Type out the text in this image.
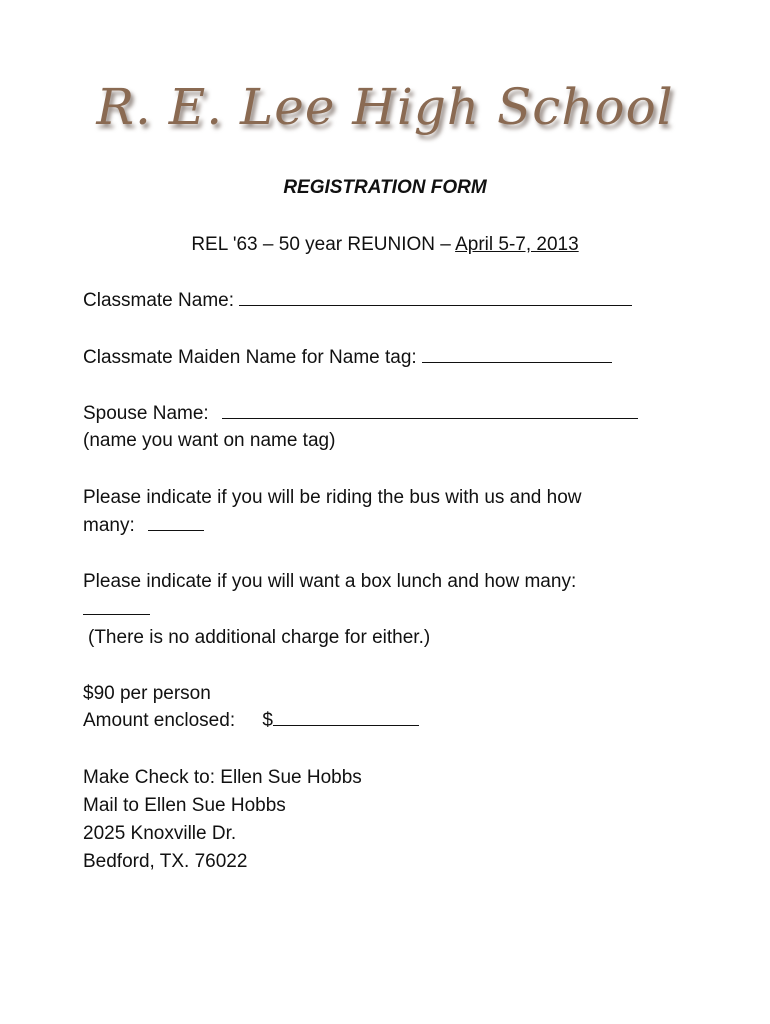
R. E. Lee High School
REGISTRATION FORM
REL '63 – 50 year REUNION – April 5-7, 2013
Classmate Name:
Classmate Maiden Name for Name tag:
Spouse Name:
(name you want on name tag)
Please indicate if you will be riding the bus with us and how
many:
Please indicate if you will want a box lunch and how many:
(There is no additional charge for either.)
$90 per person
Amount enclosed: $
Make Check to: Ellen Sue Hobbs
Mail to Ellen Sue Hobbs
2025 Knoxville Dr.
Bedford, TX. 76022
